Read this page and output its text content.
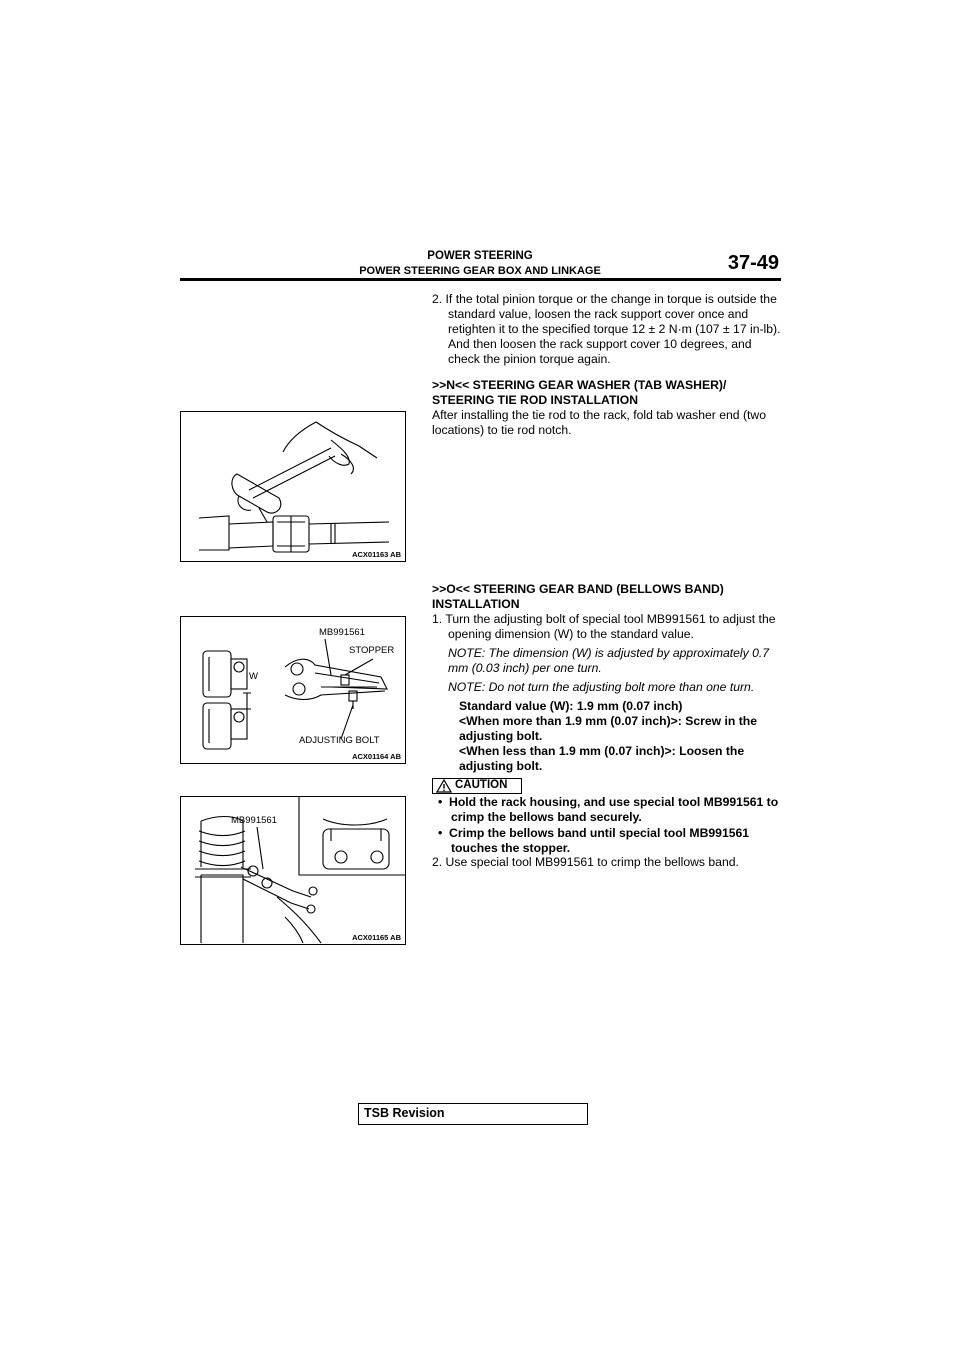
POWER STEERING
POWER STEERING GEAR BOX AND LINKAGE	37-49

2. If the total pinion torque or the change in torque is outside the standard value, loosen the rack support cover once and retighten it to the specified torque 12 ± 2 N·m (107 ± 17 in-lb). And then loosen the rack support cover 10 degrees, and check the pinion torque again.

>>N<< STEERING GEAR WASHER (TAB WASHER)/ STEERING TIE ROD INSTALLATION

After installing the tie rod to the rack, fold tab washer end (two locations) to tie rod notch.

ACX01163 AB

>>O<< STEERING GEAR BAND (BELLOWS BAND) INSTALLATION

1. Turn the adjusting bolt of special tool MB991561 to adjust the opening dimension (W) to the standard value.

NOTE: The dimension (W) is adjusted by approximately 0.7 mm (0.03 inch) per one turn.

NOTE: Do not turn the adjusting bolt more than one turn.

Standard value (W): 1.9 mm (0.07 inch)

<When more than 1.9 mm (0.07 inch)>: Screw in the adjusting bolt.

<When less than 1.9 mm (0.07 inch)>: Loosen the adjusting bolt.

MB991561
STOPPER
W
ADJUSTING BOLT
ACX01164 AB
CAUTION

•  Hold the rack housing, and use special tool MB991561 to crimp the bellows band securely.

•  Crimp the bellows band until special tool MB991561 touches the stopper.

2. Use special tool MB991561 to crimp the bellows band.

MB991561
ACX01165 AB
TSB Revision
